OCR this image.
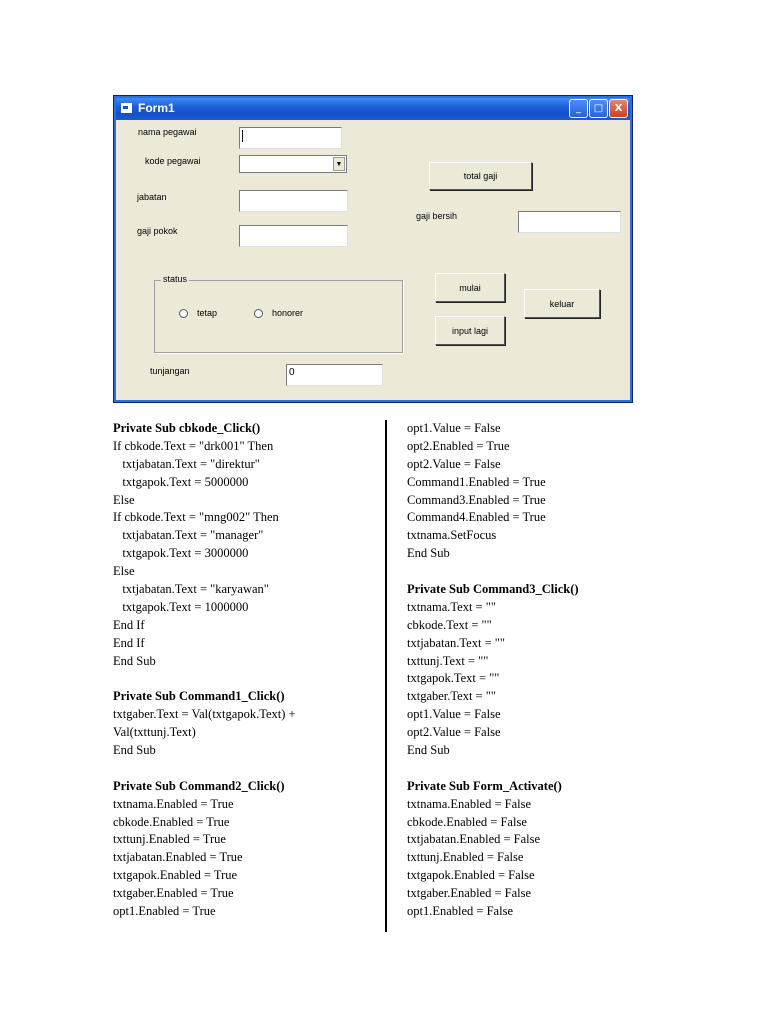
Form1	_	□	X
nama pegawai
kode pegawai	▼
jabatan
gaji pokok
total gaji
gaji bersih
status
tetap	honorer
mulai
keluar
input lagi
tunjangan	0
Private Sub cbkode_Click()
If cbkode.Text = "drk001" Then
txtjabatan.Text = "direktur"
txtgapok.Text = 5000000
Else
If cbkode.Text = "mng002" Then
txtjabatan.Text = "manager"
txtgapok.Text = 3000000
Else
txtjabatan.Text = "karyawan"
txtgapok.Text = 1000000
End If
End If
End Sub
Private Sub Command1_Click()
txtgaber.Text = Val(txtgapok.Text) +
Val(txttunj.Text)
End Sub
Private Sub Command2_Click()
txtnama.Enabled = True
cbkode.Enabled = True
txttunj.Enabled = True
txtjabatan.Enabled = True
txtgapok.Enabled = True
txtgaber.Enabled = True
opt1.Enabled = True
opt1.Value = False
opt2.Enabled = True
opt2.Value = False
Command1.Enabled = True
Command3.Enabled = True
Command4.Enabled = True
txtnama.SetFocus
End Sub
Private Sub Command3_Click()
txtnama.Text = ""
cbkode.Text = ""
txtjabatan.Text = ""
txttunj.Text = ""
txtgapok.Text = ""
txtgaber.Text = ""
opt1.Value = False
opt2.Value = False
End Sub
Private Sub Form_Activate()
txtnama.Enabled = False
cbkode.Enabled = False
txtjabatan.Enabled = False
txttunj.Enabled = False
txtgapok.Enabled = False
txtgaber.Enabled = False
opt1.Enabled = False
